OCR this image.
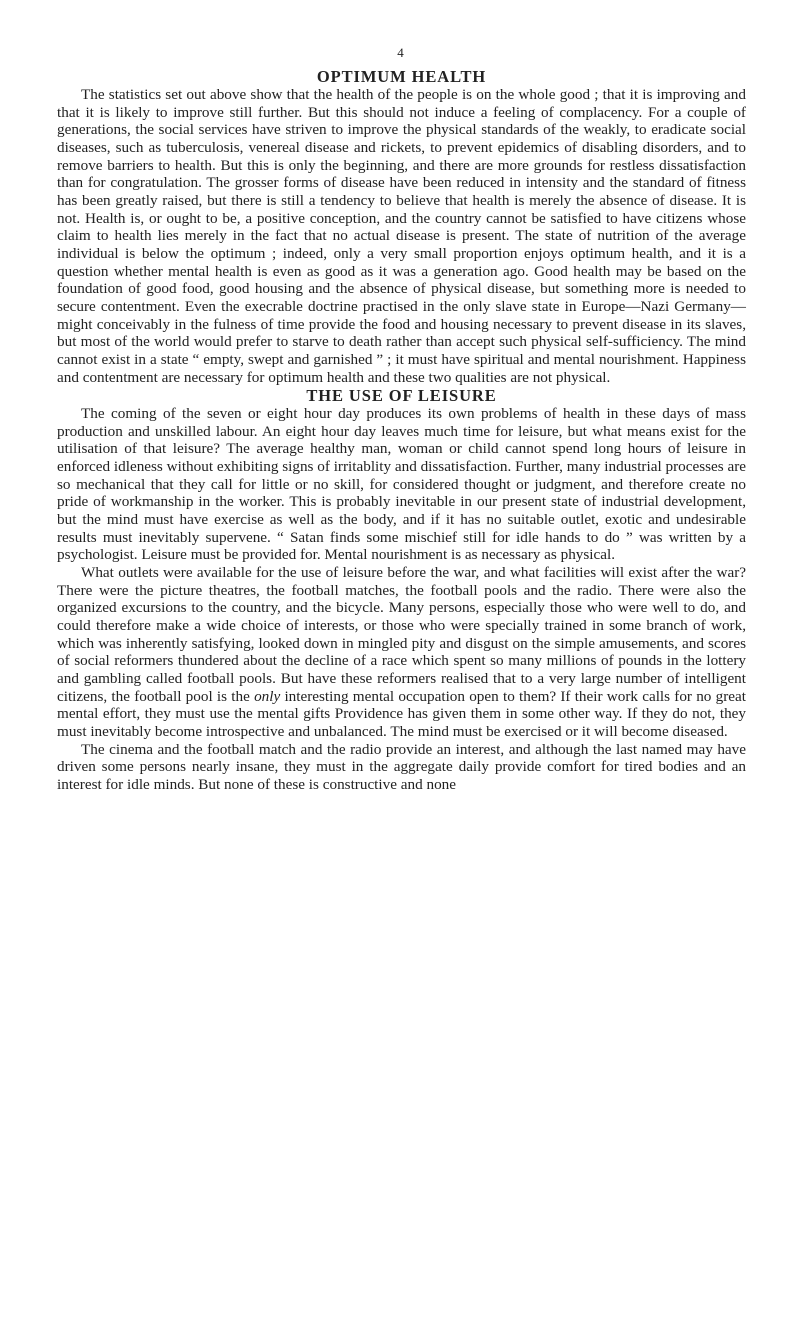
4

OPTIMUM HEALTH

The statistics set out above show that the health of the people is on the whole good ; that it is improving and that it is likely to improve still further. But this should not induce a feeling of complacency. For a couple of generations, the social services have striven to improve the physical standards of the weakly, to eradicate social diseases, such as tuberculosis, venereal disease and rickets, to prevent epidemics of disabling disorders, and to remove barriers to health. But this is only the beginning, and there are more grounds for restless dissatisfaction than for congratulation. The grosser forms of disease have been reduced in intensity and the standard of fitness has been greatly raised, but there is still a tendency to believe that health is merely the absence of disease. It is not. Health is, or ought to be, a positive conception, and the country cannot be satisfied to have citizens whose claim to health lies merely in the fact that no actual disease is present. The state of nutrition of the average individual is below the optimum ; indeed, only a very small proportion enjoys optimum health, and it is a question whether mental health is even as good as it was a generation ago. Good health may be based on the foundation of good food, good housing and the absence of physical disease, but something more is needed to secure contentment. Even the execrable doctrine practised in the only slave state in Europe—Nazi Germany—might conceivably in the fulness of time provide the food and housing necessary to prevent disease in its slaves, but most of the world would prefer to starve to death rather than accept such physical self-sufficiency. The mind cannot exist in a state “ empty, swept and garnished ” ; it must have spiritual and mental nourishment. Happiness and contentment are necessary for optimum health and these two qualities are not physical.

THE USE OF LEISURE

The coming of the seven or eight hour day produces its own problems of health in these days of mass production and unskilled labour. An eight hour day leaves much time for leisure, but what means exist for the utilisation of that leisure? The average healthy man, woman or child cannot spend long hours of leisure in enforced idleness without exhibiting signs of irritablity and dissatisfaction. Further, many industrial processes are so mechanical that they call for little or no skill, for considered thought or judgment, and therefore create no pride of workmanship in the worker. This is probably inevitable in our present state of industrial development, but the mind must have exercise as well as the body, and if it has no suitable outlet, exotic and undesirable results must inevitably supervene. “ Satan finds some mischief still for idle hands to do ” was written by a psychologist. Leisure must be provided for. Mental nourishment is as necessary as physical.

What outlets were available for the use of leisure before the war, and what facilities will exist after the war? There were the picture theatres, the football matches, the football pools and the radio. There were also the organized excursions to the country, and the bicycle. Many persons, especially those who were well to do, and could therefore make a wide choice of interests, or those who were specially trained in some branch of work, which was inherently satisfying, looked down in mingled pity and disgust on the simple amusements, and scores of social reformers thundered about the decline of a race which spent so many millions of pounds in the lottery and gambling called football pools. But have these reformers realised that to a very large number of intelligent citizens, the football pool is the only interesting mental occupation open to them? If their work calls for no great mental effort, they must use the mental gifts Providence has given them in some other way. If they do not, they must inevitably become introspective and unbalanced. The mind must be exercised or it will become diseased.

The cinema and the football match and the radio provide an interest, and although the last named may have driven some persons nearly insane, they must in the aggregate daily provide comfort for tired bodies and an interest for idle minds. But none of these is constructive and none
